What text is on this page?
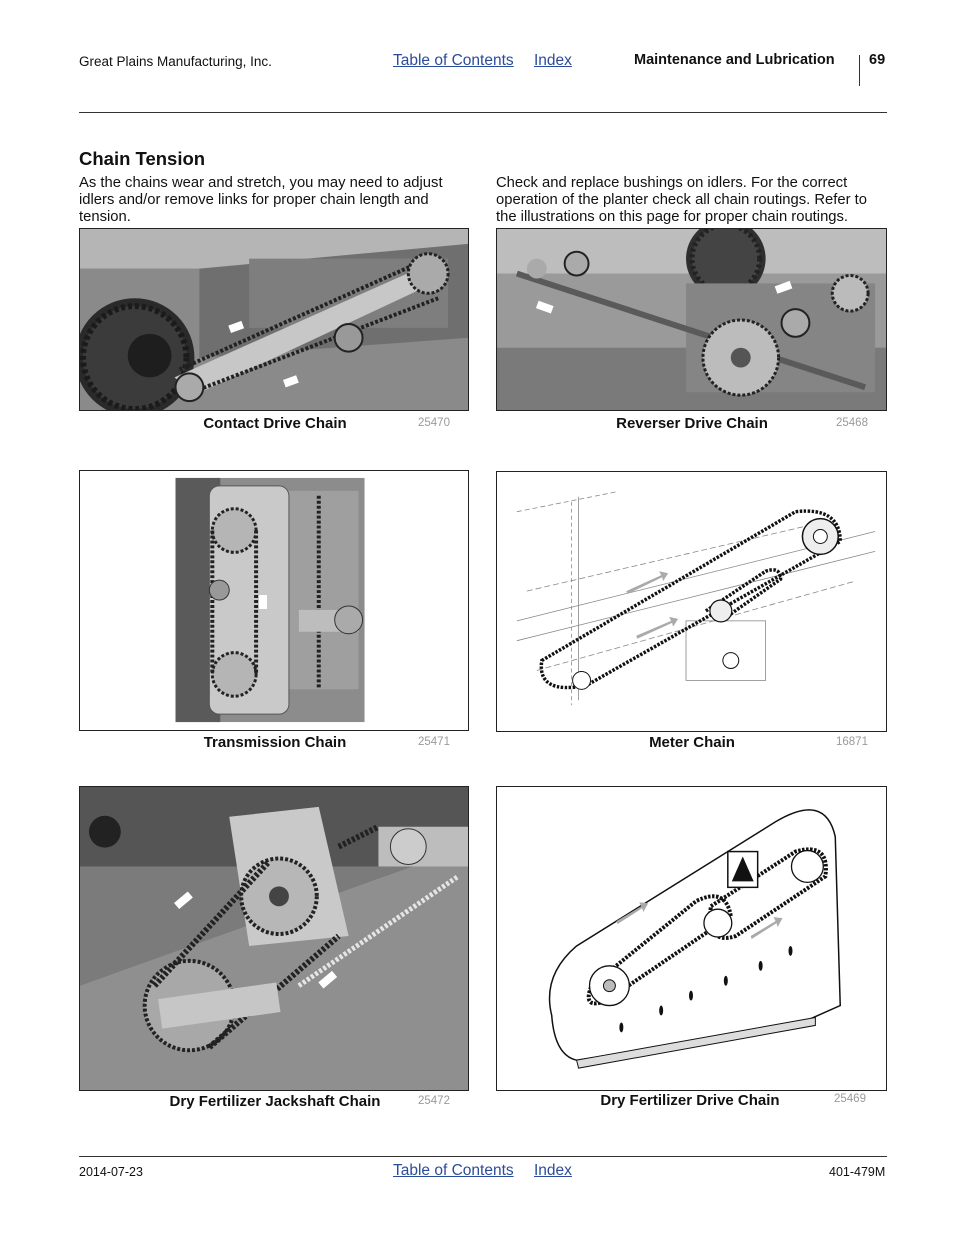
Great Plains Manufacturing, Inc.	Table of Contents Index	Maintenance and Lubrication 69
Chain Tension
As the chains wear and stretch, you may need to adjust
idlers and/or remove links for proper chain length and
tension.
Check and replace bushings on idlers. For the correct
operation of the planter check all chain routings. Refer to
the illustrations on this page for proper chain routings.
Contact Drive Chain	25470	Reverser Drive Chain	25468
Transmission Chain	25471	Meter Chain	16871
Dry Fertilizer Jackshaft Chain	25472	Dry Fertilizer Drive Chain	25469
2014-07-23	Table of Contents Index	401-479M
